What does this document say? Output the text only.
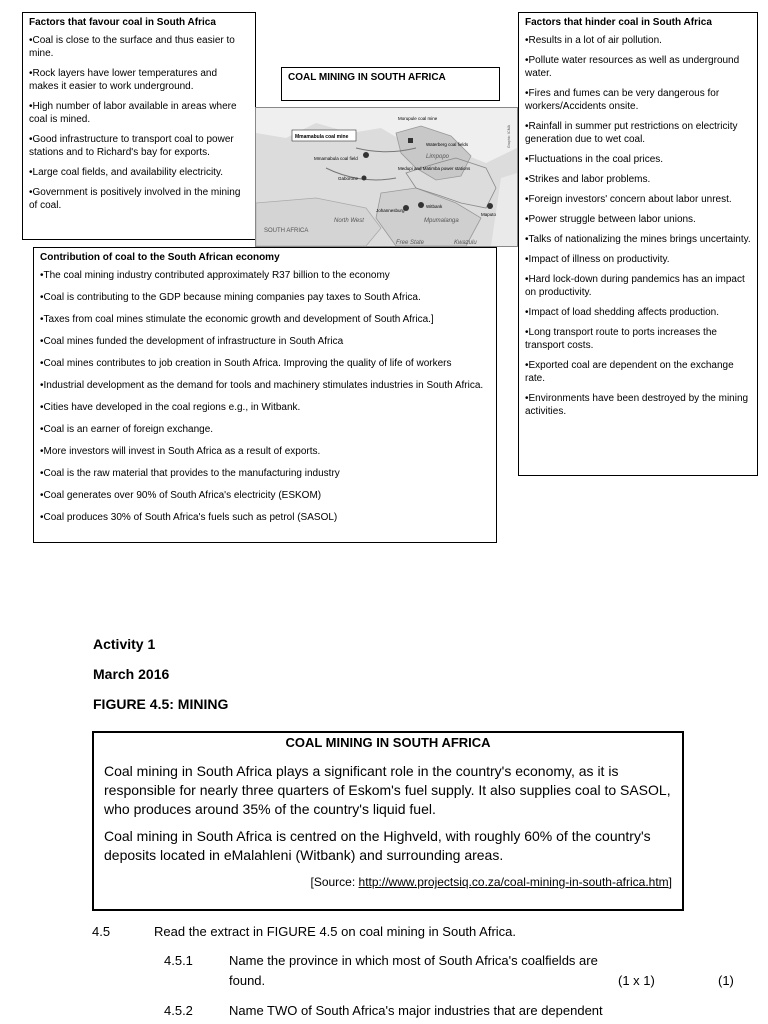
Factors that favour coal in South Africa
• Coal is close to the surface and thus easier to mine.
• Rock layers have lower temperatures and makes it easier to work underground.
• High number of labor available in areas where coal is mined.
• Good infrastructure to transport coal to power stations and to Richard's bay for exports.
• Large coal fields, and availability electricity.
• Government is positively involved in the mining of coal.
COAL MINING IN SOUTH AFRICA
Mmamabula coal mine
Morupule coal mine
Waterberg coal fields
Mmamabula coal field	Limpopo
Medupi and Matimba power stations
Gaborone
Johannesburg
Witbank
Maputo
North West	Mpumalanga
SOUTH AFRICA
Free State	Kwazulu
Graphic: ICMA
Factors that hinder coal in South Africa
• Results in a lot of air pollution.
• Pollute water resources as well as underground water.
• Fires and fumes can be very dangerous for workers/Accidents onsite.
• Rainfall in summer put restrictions on electricity generation due to wet coal.
• Fluctuations in the coal prices.
• Strikes and labor problems.
• Foreign investors' concern about labor unrest.
• Power struggle between labor unions.
• Talks of nationalizing the mines brings uncertainty.
• Impact of illness on productivity.
• Hard lock-down during pandemics has an impact on productivity.
• Impact of load shedding affects production.
• Long transport route to ports increases the transport costs.
• Exported coal are dependent on the exchange rate.
• Environments have been destroyed by the mining activities.
Contribution of coal to the South African economy
• The coal mining industry contributed approximately R37 billion to the economy
• Coal is contributing to the GDP because mining companies pay taxes to South Africa.
• Taxes from coal mines stimulate the economic growth and development of South Africa.]
• Coal mines funded the development of infrastructure in South Africa
• Coal mines contributes to job creation in South Africa. Improving the quality of life of workers
• Industrial development as the demand for tools and machinery stimulates industries in South Africa.
• Cities have developed in the coal regions e.g., in Witbank.
• Coal is an earner of foreign exchange.
• More investors will invest in South Africa as a result of exports.
• Coal is the raw material that provides to the manufacturing industry
• Coal generates over 90% of South Africa's electricity (ESKOM)
• Coal produces 30% of South Africa's fuels such as petrol (SASOL)
Activity 1
March 2016
FIGURE 4.5: MINING
COAL MINING IN SOUTH AFRICA

Coal mining in South Africa plays a significant role in the country's economy, as it is responsible for nearly three quarters of Eskom's fuel supply. It also supplies coal to SASOL, who produces around 35% of the country's liquid fuel.

Coal mining in South Africa is centred on the Highveld, with roughly 60% of the country's deposits located in eMalahleni (Witbank) and surrounding areas.

[Source: http://www.projectsiq.co.za/coal-mining-in-south-africa.htm]
4.5	Read the extract in FIGURE 4.5 on coal mining in South Africa.
4.5.1	Name the province in which most of South Africa's coalfields are
found.	(1 x 1)	(1)
4.5.2	Name TWO of South Africa's major industries that are dependent
